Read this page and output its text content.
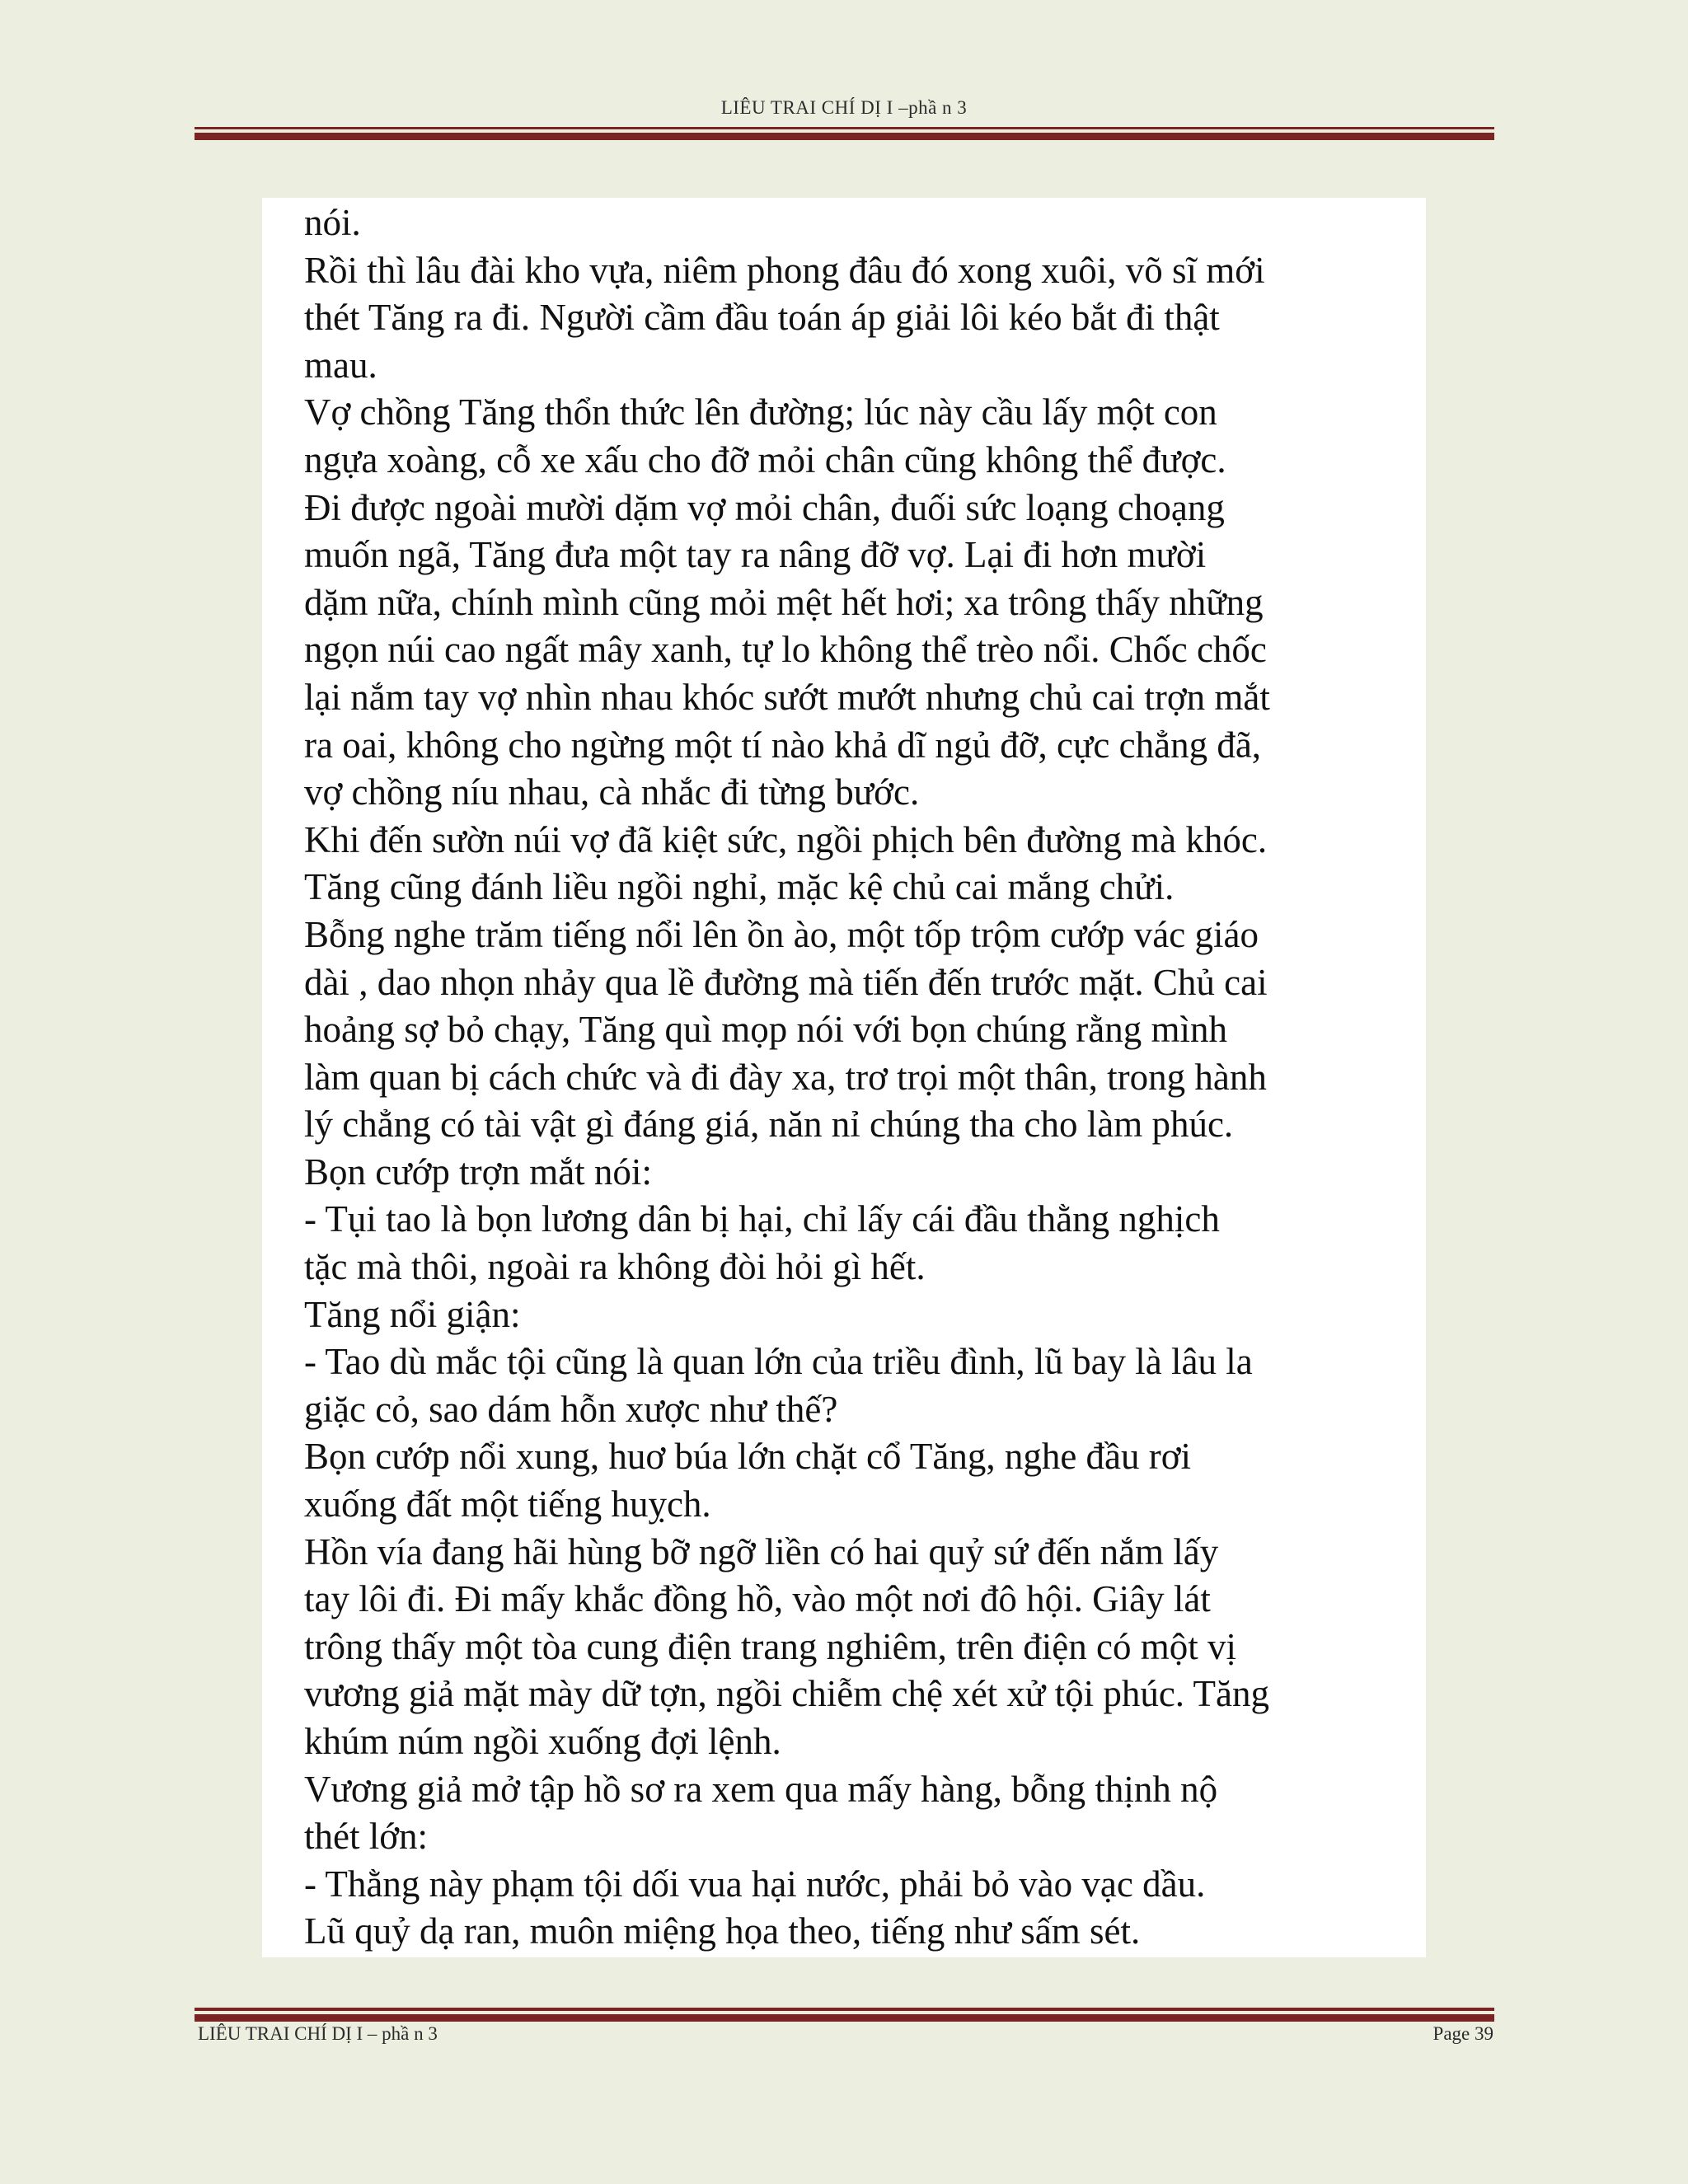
LIÊU TRAI CHÍ DỊ I –phầ n 3
nói.
Rồi thì lâu đài kho vựa, niêm phong đâu đó xong xuôi, võ sĩ mới
thét Tăng ra đi. Người cầm đầu toán áp giải lôi kéo bắt đi thật
mau.
Vợ chồng Tăng thổn thức lên đường; lúc này cầu lấy một con
ngựa xoàng, cỗ xe xấu cho đỡ mỏi chân cũng không thể được.
Đi được ngoài mười dặm vợ mỏi chân, đuối sức loạng choạng
muốn ngã, Tăng đưa một tay ra nâng đỡ vợ. Lại đi hơn mười
dặm nữa, chính mình cũng mỏi mệt hết hơi; xa trông thấy những
ngọn núi cao ngất mây xanh, tự lo không thể trèo nổi. Chốc chốc
lại nắm tay vợ nhìn nhau khóc sướt mướt nhưng chủ cai trợn mắt
ra oai, không cho ngừng một tí nào khả dĩ ngủ đỡ, cực chẳng đã,
vợ chồng níu nhau, cà nhắc đi từng bước.
Khi đến sườn núi vợ đã kiệt sức, ngồi phịch bên đường mà khóc.
Tăng cũng đánh liều ngồi nghỉ, mặc kệ chủ cai mắng chửi.
Bỗng nghe trăm tiếng nổi lên ồn ào, một tốp trộm cướp vác giáo
dài , dao nhọn nhảy qua lề đường mà tiến đến trước mặt. Chủ cai
hoảng sợ bỏ chạy, Tăng quì mọp nói với bọn chúng rằng mình
làm quan bị cách chức và đi đày xa, trơ trọi một thân, trong hành
lý chẳng có tài vật gì đáng giá, năn nỉ chúng tha cho làm phúc.
Bọn cướp trợn mắt nói:
- Tụi tao là bọn lương dân bị hại, chỉ lấy cái đầu thằng nghịch
tặc mà thôi, ngoài ra không đòi hỏi gì hết.
Tăng nổi giận:
- Tao dù mắc tội cũng là quan lớn của triều đình, lũ bay là lâu la
giặc cỏ, sao dám hỗn xược như thế?
Bọn cướp nổi xung, huơ búa lớn chặt cổ Tăng, nghe đầu rơi
xuống đất một tiếng huỵch.
Hồn vía đang hãi hùng bỡ ngỡ liền có hai quỷ sứ đến nắm lấy
tay lôi đi. Đi mấy khắc đồng hồ, vào một nơi đô hội. Giây lát
trông thấy một tòa cung điện trang nghiêm, trên điện có một vị
vương giả mặt mày dữ tợn, ngồi chiễm chệ xét xử tội phúc. Tăng
khúm núm ngồi xuống đợi lệnh.
Vương giả mở tập hồ sơ ra xem qua mấy hàng, bỗng thịnh nộ
thét lớn:
- Thằng này phạm tội dối vua hại nước, phải bỏ vào vạc dầu.
Lũ quỷ dạ ran, muôn miệng họa theo, tiếng như sấm sét.
LIÊU TRAI CHÍ DỊ I – phầ n 3	Page 39
